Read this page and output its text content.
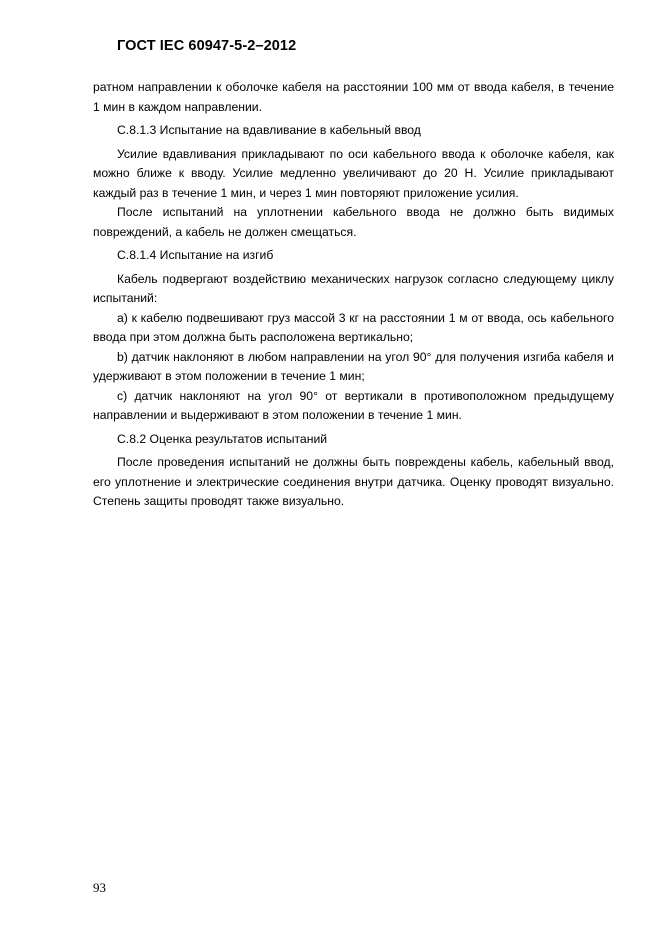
ГОСТ IEC 60947-5-2–2012

ратном направлении к оболочке кабеля на расстоянии 100 мм от ввода кабеля, в течение 1 мин в каждом направлении.

С.8.1.3 Испытание на вдавливание в кабельный ввод

Усилие вдавливания прикладывают по оси кабельного ввода к оболочке кабеля, как можно ближе к вводу. Усилие медленно увеличивают до 20 Н. Усилие прикладывают каждый раз в течение 1 мин, и через 1 мин повторяют приложение усилия.

После испытаний на уплотнении кабельного ввода не должно быть видимых повреждений, а кабель не должен смещаться.

С.8.1.4 Испытание на изгиб

Кабель подвергают воздействию механических нагрузок согласно следующему циклу испытаний:

а) к кабелю подвешивают груз массой 3 кг на расстоянии 1 м от ввода, ось кабельного ввода при этом должна быть расположена вертикально;

b) датчик наклоняют в любом направлении на угол 90° для получения изгиба кабеля и удерживают в этом положении в течение 1 мин;

с) датчик наклоняют на угол 90° от вертикали в противоположном предыдущему направлении и выдерживают в этом положении в течение 1 мин.

С.8.2 Оценка результатов испытаний

После проведения испытаний не должны быть повреждены кабель, кабельный ввод, его уплотнение и электрические соединения внутри датчика. Оценку проводят визуально. Степень защиты проводят также визуально.

93
